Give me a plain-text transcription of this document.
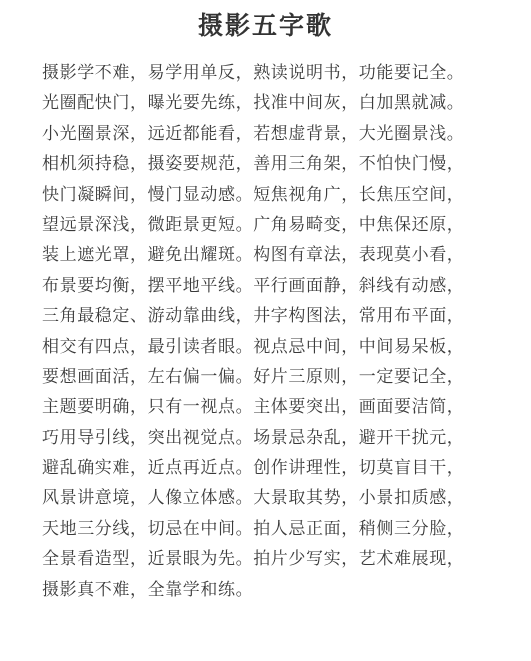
摄影五字歌
摄影学不难，易学用单反，熟读说明书，功能要记全。
光圈配快门，曝光要先练，找准中间灰，白加黑就减。
小光圈景深，远近都能看，若想虚背景，大光圈景浅。
相机须持稳，摄姿要规范，善用三角架，不怕快门慢，
快门凝瞬间，慢门显动感。短焦视角广，长焦压空间，
望远景深浅，微距景更短。广角易畸变，中焦保还原，
装上遮光罩，避免出耀斑。构图有章法，表现莫小看，
布景要均衡，摆平地平线。平行画面静，斜线有动感，
三角最稳定、游动靠曲线，井字构图法，常用布平面，
相交有四点，最引读者眼。视点忌中间，中间易呆板，
要想画面活，左右偏一偏。好片三原则，一定要记全，
主题要明确，只有一视点。主体要突出，画面要洁简，
巧用导引线，突出视觉点。场景忌杂乱，避开干扰元，
避乱确实难，近点再近点。创作讲理性，切莫盲目干，
风景讲意境，人像立体感。大景取其势，小景扣质感，
天地三分线，切忌在中间。拍人忌正面，稍侧三分脸，
全景看造型，近景眼为先。拍片少写实，艺术难展现，
摄影真不难，全靠学和练。
